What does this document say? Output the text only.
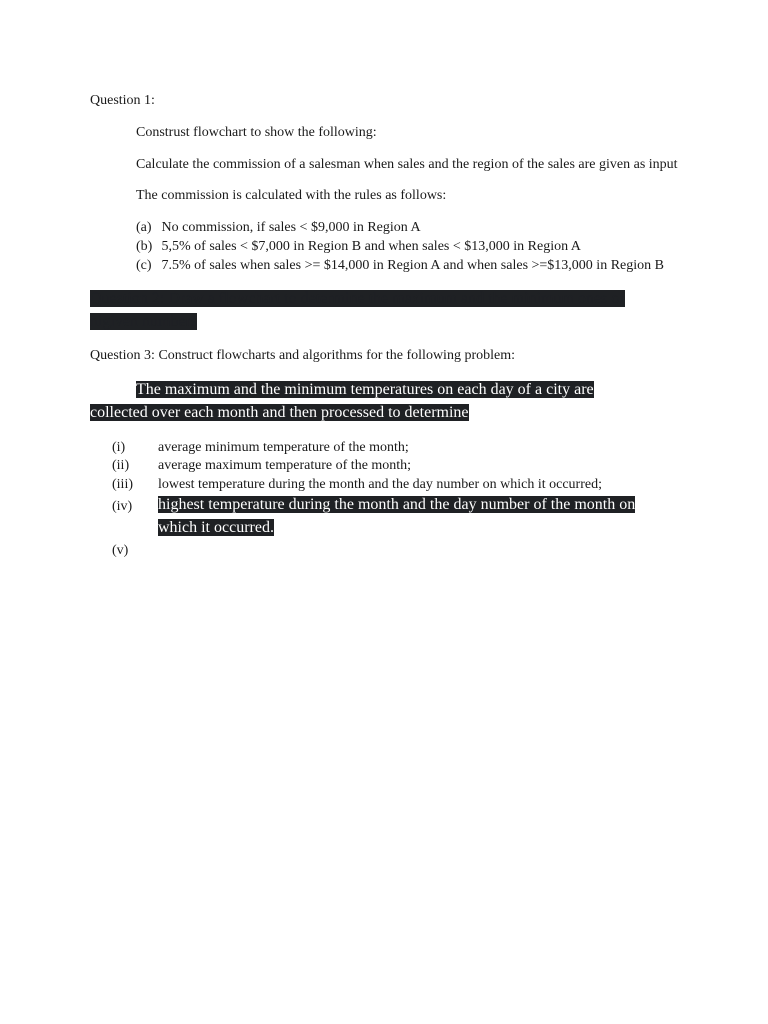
Question 1:
Construst flowchart to show the following:
Calculate the commission of a salesman when sales and the region of the sales are given as input
The commission is calculated with the rules as follows:
(a) No commission, if sales < $9,000 in Region A
(b) 5,5% of sales < $7,000 in Region B and when sales < $13,000 in Region A
(c) 7.5% of sales when sales >= $14,000 in Region A and when sales >=$13,000 in Region B
Question 2: Draw a flowchart to determine the maximum and the minimum ones of
nigiven numbers
Question 3: Construct flowcharts and algorithms for the following problem:
The maximum and the minimum temperatures on each day of a city are
collected over each month and then processed to determine
(i) average minimum temperature of the month;
(ii) average maximum temperature of the month;
(iii) lowest temperature during the month and the day number on which it occurred;
(iv) highest temperature during the month and the day number of the month on
which it occurred.
(v)
